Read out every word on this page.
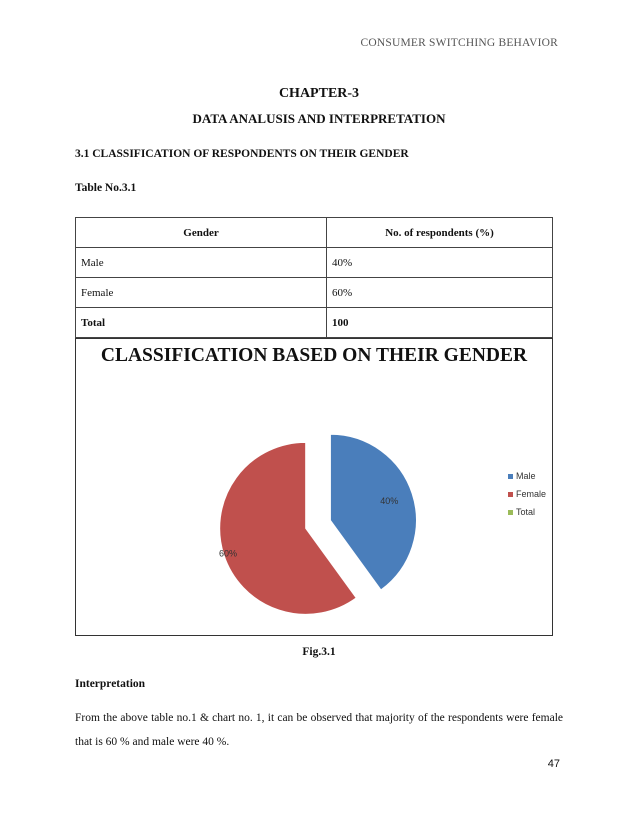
CONSUMER SWITCHING BEHAVIOR
CHAPTER-3
DATA ANALUSIS AND INTERPRETATION
3.1 CLASSIFICATION OF RESPONDENTS ON THEIR GENDER
Table No.3.1
Gender	No. of respondents (%)
Male	40%
Female	60%
Total	100
CLASSIFICATION BASED ON THEIR GENDER
40%
60%
Male
Female
Total
Fig.3.1
Interpretation
From the above table no.1 & chart no. 1, it can be observed that majority of the respondents were female that is 60 % and male were 40 %.
47
